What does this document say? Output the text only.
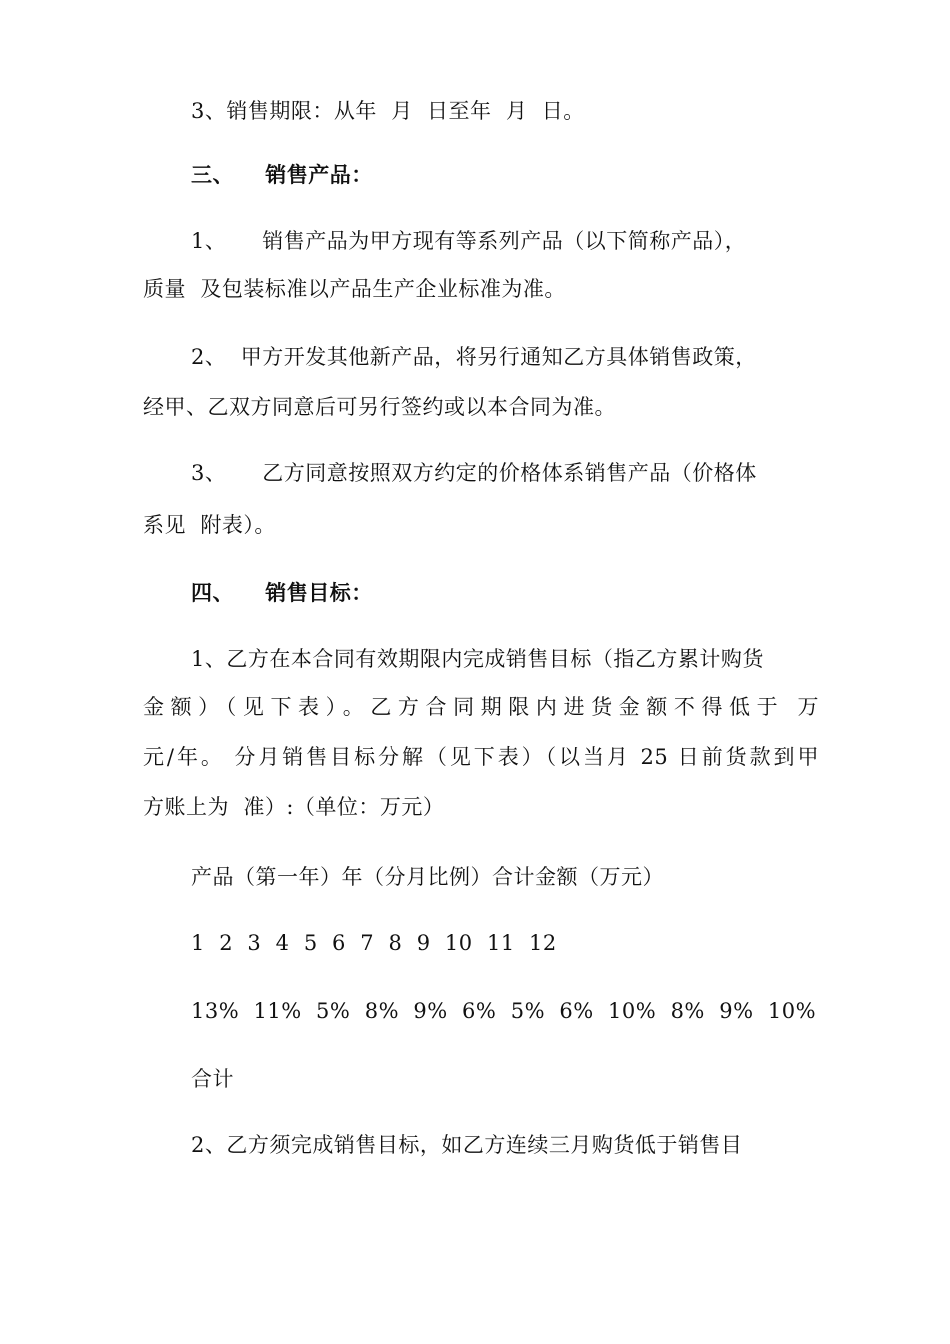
3、销售期限：从年  月  日至年  月  日。
三、    销售产品：
1、     销售产品为甲方现有等系列产品（以下简称产品），
质量  及包装标准以产品生产企业标准为准。
2、  甲方开发其他新产品，将另行通知乙方具体销售政策，
经甲、乙双方同意后可另行签约或以本合同为准。
3、     乙方同意按照双方约定的价格体系销售产品（价格体
系见  附表）。
四、    销售目标：
1、乙方在本合同有效期限内完成销售目标（指乙方累计购货
金额）（见下表）。乙方合同期限内进货金额不得低于 万
元/年。 分月销售目标分解（见下表）（以当月 25 日前货款到甲
方账上为  准）:（单位：万元）
产品（第一年）年（分月比例）合计金额（万元）
1  2  3  4  5  6  7  8  9  10  11  12
13%  11%  5%  8%  9%  6%  5%  6%  10%  8%  9%  10%
合计
2、乙方须完成销售目标，如乙方连续三月购货低于销售目
